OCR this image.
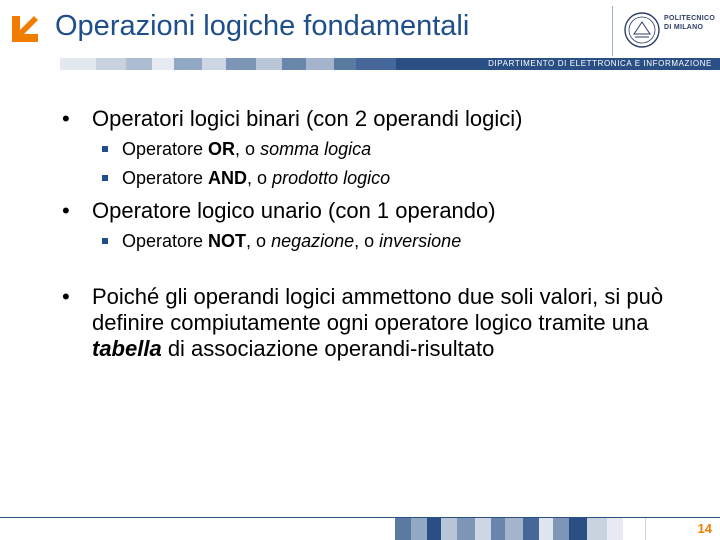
Operazioni logiche fondamentali	POLITECNICO
DI MILANO
DIPARTIMENTO DI ELETTRONICA E INFORMAZIONE
• Operatori logici binari (con 2 operandi logici)
Operatore OR, o somma logica
Operatore AND, o prodotto logico
• Operatore logico unario (con 1 operando)
Operatore NOT, o negazione, o inversione
• Poiché gli operandi logici ammettono due soli valori, si può definire compiutamente ogni operatore logico tramite una tabella di associazione operandi-risultato
14
